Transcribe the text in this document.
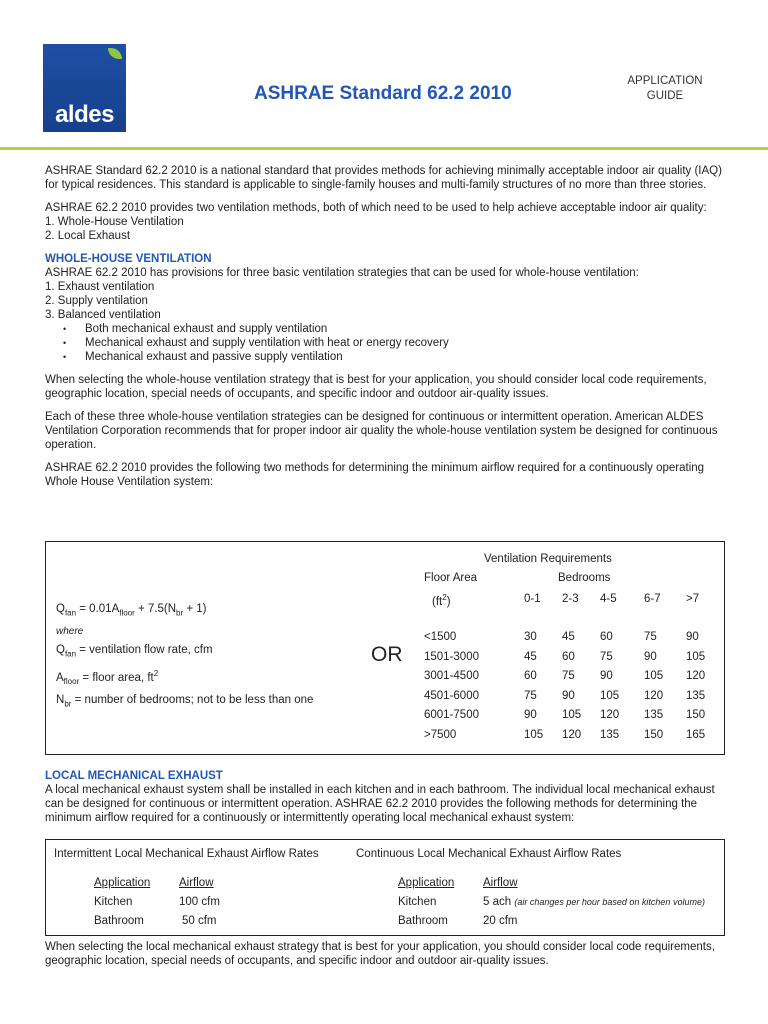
aldes
ASHRAE Standard 62.2 2010
APPLICATION
GUIDE

ASHRAE Standard 62.2 2010 is a national standard that provides methods for achieving minimally acceptable indoor air quality (IAQ) for typical residences. This standard is applicable to single-family houses and multi-family structures of no more than three stories.

ASHRAE 62.2 2010 provides two ventilation methods, both of which need to be used to help achieve acceptable indoor air quality:
1. Whole-House Ventilation
2. Local Exhaust
WHOLE-HOUSE VENTILATION
ASHRAE 62.2 2010 has provisions for three basic ventilation strategies that can be used for whole-house ventilation:
1. Exhaust ventilation
2. Supply ventilation
3. Balanced ventilation
• Both mechanical exhaust and supply ventilation
• Mechanical exhaust and supply ventilation with heat or energy recovery
• Mechanical exhaust and passive supply ventilation

When selecting the whole-house ventilation strategy that is best for your application, you should consider local code requirements, geographic location, special needs of occupants, and specific indoor and outdoor air-quality issues.

Each of these three whole-house ventilation strategies can be designed for continuous or intermittent operation. American ALDES Ventilation Corporation recommends that for proper indoor air quality the whole-house ventilation system be designed for continuous operation.

ASHRAE 62.2 2010 provides the following two methods for determining the minimum airflow required for a continuously operating Whole House Ventilation system:

$Q_{fan} = 0.01A_{floor} + 7.5(N_{br} + 1)$
where
$Q_{fan}$ = ventilation flow rate, cfm
$A_{floor}$ = floor area, $ft^2$
$N_{br}$ = number of bedrooms; not to be less than one
OR
Ventilation Requirements
Floor Area	Bedrooms
$(ft^2)$	0-1 2-3 4-5 6-7 >7
<1500	30 45 60	75	90
1501-3000	45 60 75	90	105
3001-4500	60 75 90	105 120
4501-6000	75 90 105 120 135
6001-7500	90 105 120 135 150
>7500	105 120 135 150 165
LOCAL MECHANICAL EXHAUST
A local mechanical exhaust system shall be installed in each kitchen and in each bathroom. The individual local mechanical exhaust can be designed for continuous or intermittent operation. ASHRAE 62.2 2010 provides the following methods for determining the minimum airflow required for a continuously or intermittently operating local mechanical exhaust system:
Intermittent Local Mechanical Exhaust Airflow Rates	Continuous Local Mechanical Exhaust Airflow Rates
Application Airflow
Kitchen	100 cfm
Bathroom	50 cfm
Application Airflow
Kitchen	5 ach (air changes per hour based on kitchen volume)
Bathroom	20 cfm
When selecting the local mechanical exhaust strategy that is best for your application, you should consider local code requirements, geographic location, special needs of occupants, and specific indoor and outdoor air-quality issues.
